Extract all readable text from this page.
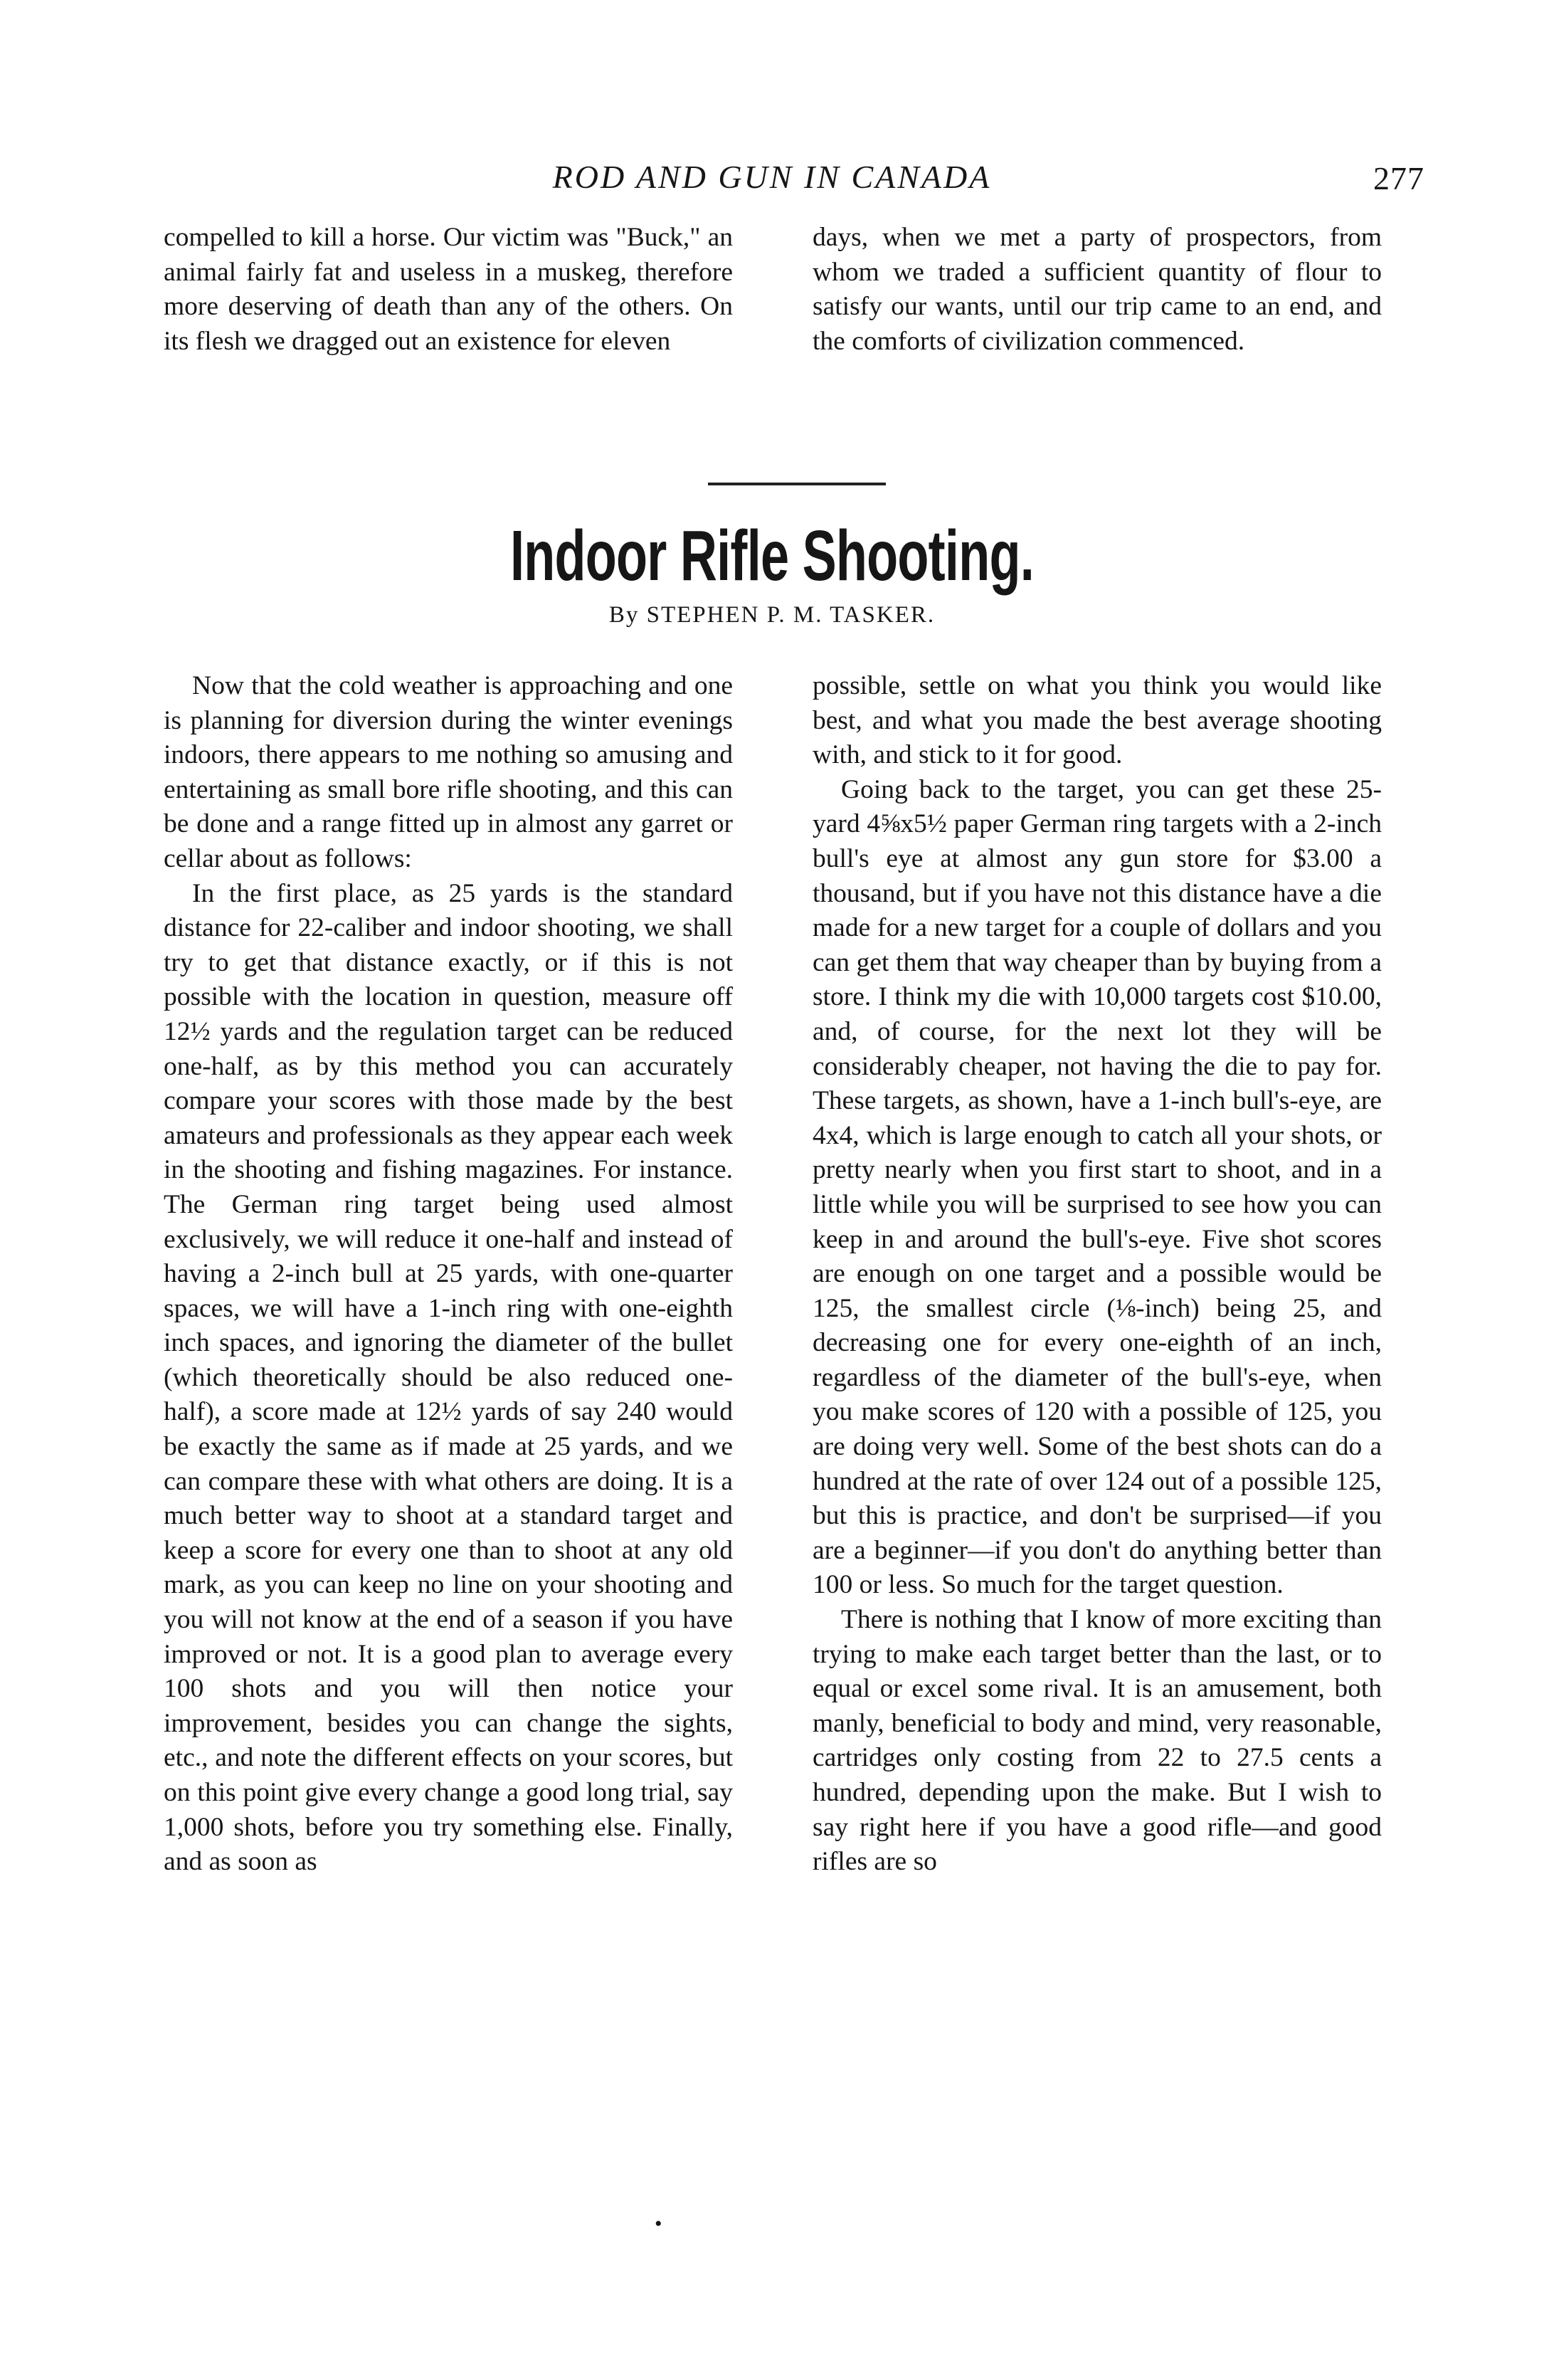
ROD AND GUN IN CANADA	277

compelled to kill a horse. Our victim was "Buck," an animal fairly fat and useless in a muskeg, therefore more deserving of death than any of the others. On its flesh we dragged out an existence for eleven

days, when we met a party of prospectors, from whom we traded a sufficient quantity of flour to satisfy our wants, until our trip came to an end, and the comforts of civilization commenced.

Indoor Rifle Shooting.
By STEPHEN P. M. TASKER.

Now that the cold weather is approaching and one is planning for diversion during the winter evenings indoors, there appears to me nothing so amusing and entertaining as small bore rifle shooting, and this can be done and a range fitted up in almost any garret or cellar about as follows:

In the first place, as 25 yards is the standard distance for 22-caliber and indoor shooting, we shall try to get that distance exactly, or if this is not possible with the location in question, measure off 12½ yards and the regulation target can be reduced one-half, as by this method you can accurately compare your scores with those made by the best amateurs and professionals as they appear each week in the shooting and fishing magazines. For instance. The German ring target being used almost exclusively, we will reduce it one-half and instead of having a 2-inch bull at 25 yards, with one-quarter spaces, we will have a 1-inch ring with one-eighth inch spaces, and ignoring the diameter of the bullet (which theoretically should be also reduced one-half), a score made at 12½ yards of say 240 would be exactly the same as if made at 25 yards, and we can compare these with what others are doing. It is a much better way to shoot at a standard target and keep a score for every one than to shoot at any old mark, as you can keep no line on your shooting and you will not know at the end of a season if you have improved or not. It is a good plan to average every 100 shots and you will then notice your improvement, besides you can change the sights, etc., and note the different effects on your scores, but on this point give every change a good long trial, say 1,000 shots, before you try something else. Finally, and as soon as

possible, settle on what you think you would like best, and what you made the best average shooting with, and stick to it for good.

Going back to the target, you can get these 25-yard 4⅝x5½ paper German ring targets with a 2-inch bull's eye at almost any gun store for $3.00 a thousand, but if you have not this distance have a die made for a new target for a couple of dollars and you can get them that way cheaper than by buying from a store. I think my die with 10,000 targets cost $10.00, and, of course, for the next lot they will be considerably cheaper, not having the die to pay for. These targets, as shown, have a 1-inch bull's-eye, are 4x4, which is large enough to catch all your shots, or pretty nearly when you first start to shoot, and in a little while you will be surprised to see how you can keep in and around the bull's-eye. Five shot scores are enough on one target and a possible would be 125, the smallest circle (⅛-inch) being 25, and decreasing one for every one-eighth of an inch, regardless of the diameter of the bull's-eye, when you make scores of 120 with a possible of 125, you are doing very well. Some of the best shots can do a hundred at the rate of over 124 out of a possible 125, but this is practice, and don't be surprised—if you are a beginner—if you don't do anything better than 100 or less. So much for the target question.

There is nothing that I know of more exciting than trying to make each target better than the last, or to equal or excel some rival. It is an amusement, both manly, beneficial to body and mind, very reasonable, cartridges only costing from 22 to 27.5 cents a hundred, depending upon the make. But I wish to say right here if you have a good rifle—and good rifles are so

•
